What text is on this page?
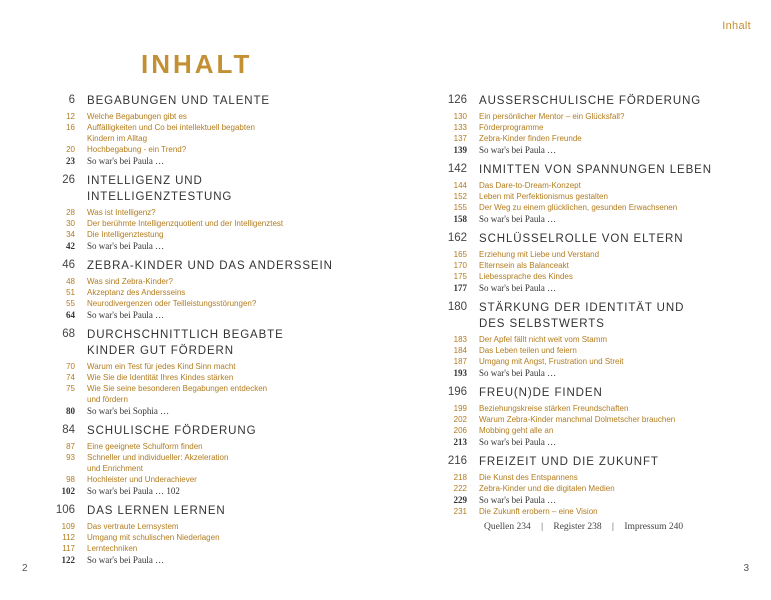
Inhalt
INHALT
6 BEGABUNGEN UND TALENTE
12 Welche Begabungen gibt es
16 Auffälligkeiten und Co bei intellektuell begabten
Kindern im Alltag
20 Hochbegabung - ein Trend?
23 So war's bei Paula …
26 INTELLIGENZ UND INTELLIGENZTESTUNG
28 Was ist Intelligenz?
30 Der berühmte Intelligenzquotient und der Intelligenztest
34 Die Intelligenztestung
42 So war's bei Paula …
46 ZEBRA-KINDER UND DAS ANDERSSEIN
48 Was sind Zebra-Kinder?
51 Akzeptanz des Andersseins
55 Neurodivergenzen oder Teilleistungsstörungen?
64 So war's bei Paula …
68 DURCHSCHNITTLICH BEGABTE
KINDER GUT FÖRDERN
70 Warum ein Test für jedes Kind Sinn macht
74 Wie Sie die Identität Ihres Kindes stärken
75 Wie Sie seine besonderen Begabungen entdecken
und fördern
80 So war's bei Sophia …
84 SCHULISCHE FÖRDERUNG
87 Eine geeignete Schulform finden
93 Schneller und individueller: Akzeleration
und Enrichment
98 Hochleister und Underachiever
102 So war's bei Paula … 102
106 DAS LERNEN LERNEN
109 Das vertraute Lernsystem
112 Umgang mit schulischen Niederlagen
117 Lerntechniken
122 So war's bei Paula …
126 AUSSERSCHULISCHE FÖRDERUNG
130 Ein persönlicher Mentor – ein Glücksfall?
133 Förderprogramme
137 Zebra-Kinder finden Freunde
139 So war's bei Paula …
142 INMITTEN VON SPANNUNGEN LEBEN
144 Das Dare-to-Dream-Konzept
152 Leben mit Perfektionismus gestalten
155 Der Weg zu einem glücklichen, gesunden Erwachsenen
158 So war's bei Paula …
162 SCHLÜSSELROLLE VON ELTERN
165 Erziehung mit Liebe und Verstand
170 Elternsein als Balanceakt
175 Liebessprache des Kindes
177 So war's bei Paula …
180 STÄRKUNG DER IDENTITÄT UND
DES SELBSTWERTS
183 Der Apfel fällt nicht weit vom Stamm
184 Das Leben teilen und feiern
187 Umgang mit Angst, Frustration und Streit
193 So war's bei Paula …
196 FREU(N)DE FINDEN
199 Beziehungskreise stärken Freundschaften
202 Warum Zebra-Kinder manchmal Dolmetscher brauchen
206 Mobbing geht alle an
213 So war's bei Paula …
216 FREIZEIT UND DIE ZUKUNFT
218 Die Kunst des Entspannens
222 Zebra-Kinder und die digitalen Medien
229 So war's bei Paula …
231 Die Zukunft erobern – eine Vision
Quellen 234 | Register 238 | Impressum 240
2	3
